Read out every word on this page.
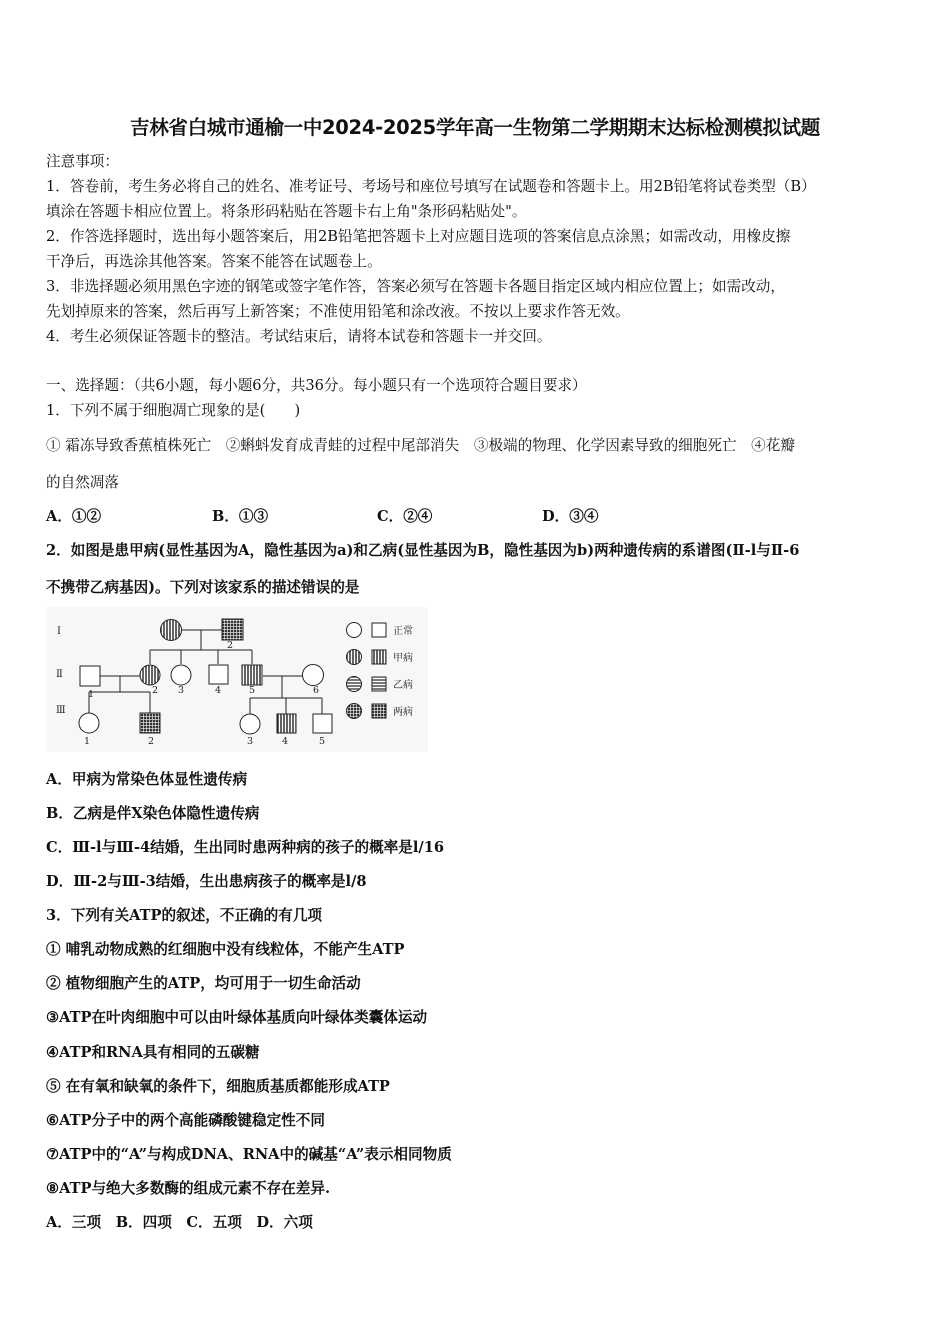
吉林省白城市通榆一中2024-2025学年高一生物第二学期期末达标检测模拟试题
注意事项：
1．答卷前，考生务必将自己的姓名、准考证号、考场号和座位号填写在试题卷和答题卡上。用2B铅笔将试卷类型（B）
填涂在答题卡相应位置上。将条形码粘贴在答题卡右上角"条形码粘贴处"。
2．作答选择题时，选出每小题答案后，用2B铅笔把答题卡上对应题目选项的答案信息点涂黑；如需改动，用橡皮擦
干净后，再选涂其他答案。答案不能答在试题卷上。
3．非选择题必须用黑色字迹的钢笔或签字笔作答，答案必须写在答题卡各题目指定区域内相应位置上；如需改动，
先划掉原来的答案，然后再写上新答案；不准使用铅笔和涂改液。不按以上要求作答无效。
4．考生必须保证答题卡的整洁。考试结束后，请将本试卷和答题卡一并交回。
一、选择题：（共6小题，每小题6分，共36分。每小题只有一个选项符合题目要求）
1．下列不属于细胞凋亡现象的是(　　)
① 霜冻导致香蕉植株死亡　②蝌蚪发育成青蛙的过程中尾部消失　③极端的物理、化学因素导致的细胞死亡　④花瓣
的自然凋落
A．①②	B．①③	C．②④	D．③④
2．如图是患甲病(显性基因为A，隐性基因为a)和乙病(显性基因为B，隐性基因为b)两种遗传病的系谱图(Ⅱ-l与Ⅱ-6
不携带乙病基因)。下列对该家系的描述错误的是
Ⅰ
Ⅱ
Ⅲ
2
1	2 3	4	5	6
1	2	3	4	5
正常
甲病
乙病
两病
A．甲病为常染色体显性遗传病
B．乙病是伴X染色体隐性遗传病
C．Ⅲ-l与Ⅲ-4结婚，生出同时患两种病的孩子的概率是l/16
D．Ⅲ-2与Ⅲ-3结婚，生出患病孩子的概率是l/8
3．下列有关ATP的叙述，不正确的有几项
① 哺乳动物成熟的红细胞中没有线粒体，不能产生ATP
② 植物细胞产生的ATP，均可用于一切生命活动
③ATP在叶肉细胞中可以由叶绿体基质向叶绿体类囊体运动
④ATP和RNA具有相同的五碳糖
⑤ 在有氧和缺氧的条件下，细胞质基质都能形成ATP
⑥ATP分子中的两个高能磷酸键稳定性不同
⑦ATP中的“A”与构成DNA、RNA中的碱基“A”表示相同物质
⑧ATP与绝大多数酶的组成元素不存在差异.
A．三项　B．四项　C．五项　D．六项
